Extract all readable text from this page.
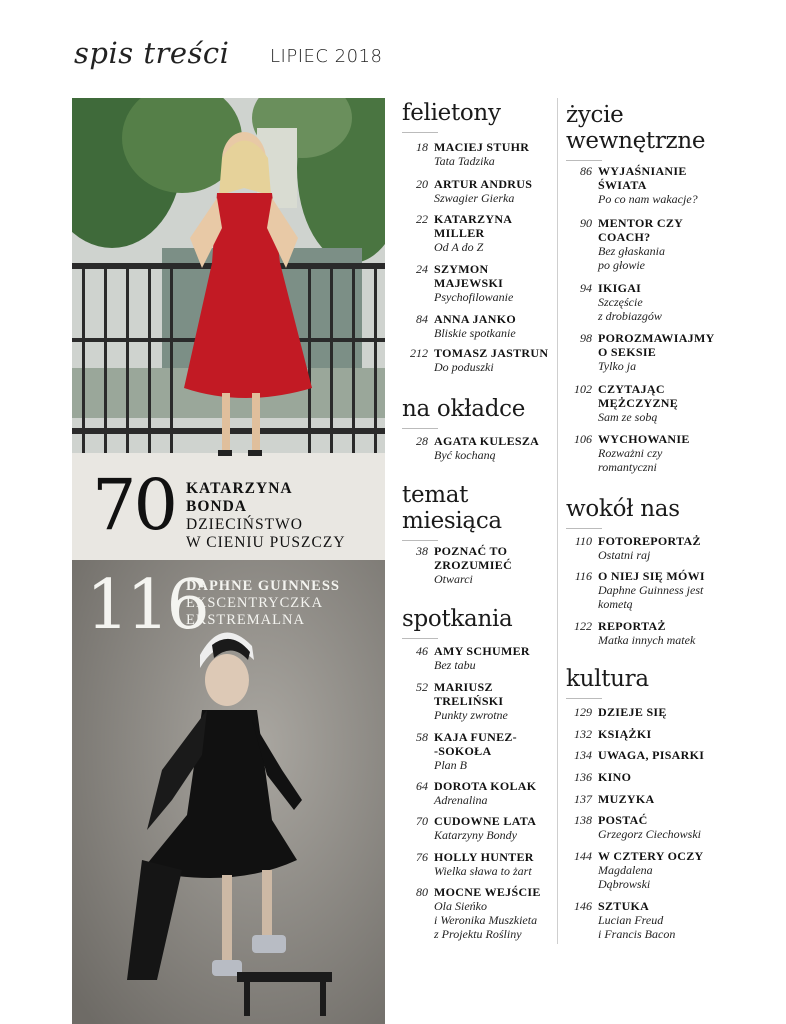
spis treści LIPIEC 2018
70 KATARZYNA
BONDA
DZIECIŃSTWO
W CIENIU PUSZCZY
116
DAPHNE GUINNESS
EKSCENTRYCZKA
EKSTREMALNA
felietony
18 MACIEJ STUHR
Tata Tadzika
20 ARTUR ANDRUS
Szwagier Gierka
22 KATARZYNA
MILLER
Od A do Z
24 SZYMON
MAJEWSKI
Psychofilowanie
84 ANNA JANKO
Bliskie spotkanie
212 TOMASZ JASTRUN
Do poduszki
na okładce
28 AGATA KULESZA
Być kochaną
temat
miesiąca
38 POZNAĆ TO
ZROZUMIEĆ
Otwarci
spotkania
46 AMY SCHUMER
Bez tabu
52 MARIUSZ
TRELIŃSKI
Punkty zwrotne
58 KAJA FUNEZ-
-SOKOŁA
Plan B
64 DOROTA KOLAK
Adrenalina
70 CUDOWNE LATA
Katarzyny Bondy
76 HOLLY HUNTER
Wielka sława to żart
80 MOCNE WEJŚCIE
Ola Sieńko
i Weronika Muszkieta
z Projektu Rośliny
życie
wewnętrzne
86 WYJAŚNIANIE
ŚWIATA
Po co nam wakacje?
90 MENTOR CZY
COACH?
Bez głaskania
po głowie
94 IKIGAI
Szczęście
z drobiazgów
98 POROZMAWIAJMY
O SEKSIE
Tylko ja
102 CZYTAJĄC
MĘŻCZYZNĘ
Sam ze sobą
106 WYCHOWANIE
Rozważni czy
romantyczni
wokół nas
110 FOTOREPORTAŻ
Ostatni raj
116 O NIEJ SIĘ MÓWI
Daphne Guinness jest
kometą
122 REPORTAŻ
Matka innych matek
kultura
129 DZIEJE SIĘ
132 KSIĄŻKI
134 UWAGA, PISARKI
136 KINO
137 MUZYKA
138 POSTAĆ
Grzegorz Ciechowski
144 W CZTERY OCZY
Magdalena
Dąbrowski
146 SZTUKA
Lucian Freud
i Francis Bacon
